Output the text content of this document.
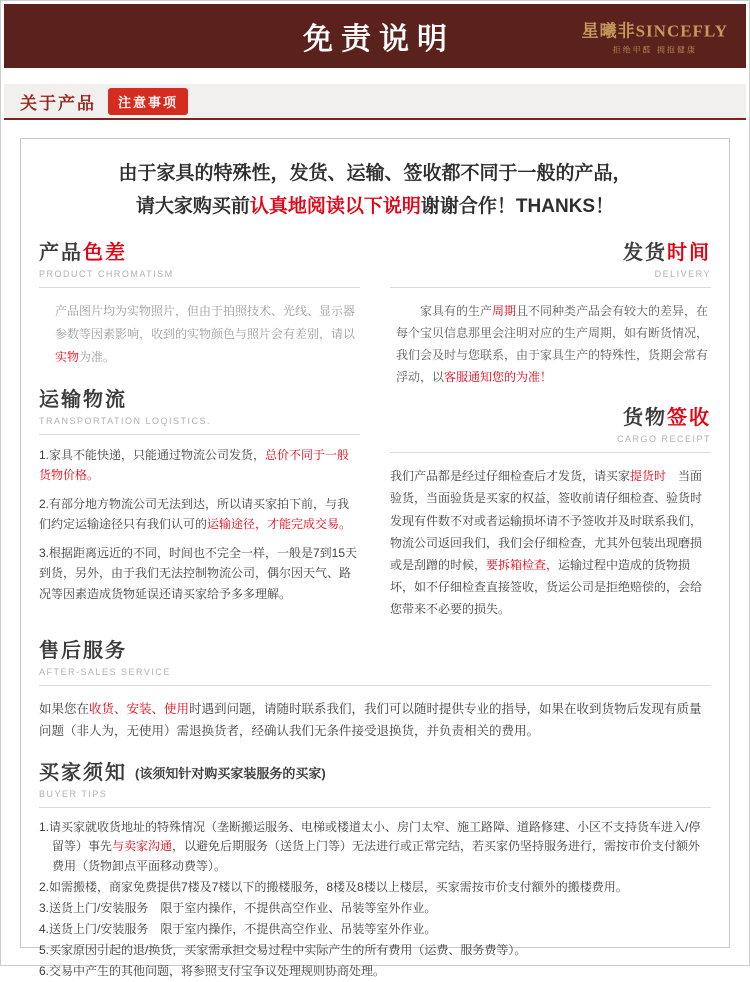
免责说明	星曦非SINCEFLY
拒绝甲醛 拥抱健康
关于产品	注意事项
由于家具的特殊性，发货、运输、签收都不同于一般的产品，
请大家购买前认真地阅读以下说明谢谢合作！THANKS！
产品色差
PRODUCT CHROMATISM

产品图片均为实物照片，但由于拍照技术、光线、显示器参数等因素影响，收到的实物颜色与照片会有差别，请以实物为准。

运输物流
TRANSPORTATION LOQISTICS.

1.家具不能快递，只能通过物流公司发货，总价不同于一般货物价格。

2.有部分地方物流公司无法到达，所以请买家拍下前，与我们约定运输途径只有我们认可的运输途径，才能完成交易。

3.根据距离远近的不同，时间也不完全一样，一般是7到15天到货，另外，由于我们无法控制物流公司，偶尔因天气、路况等因素造成货物延误还请买家给予多多理解。

发货时间
DELIVERY

家具有的生产周期且不同种类产品会有较大的差异，在每个宝贝信息那里会注明对应的生产周期，如有断货情况，我们会及时与您联系，由于家具生产的特殊性，货期会常有浮动，以客服通知您的为准！

货物签收
CARGO RECEIPT

我们产品都是经过仔细检查后才发货，请买家提货时　当面验货，当面验货是买家的权益，签收前请仔细检查、验货时发现有件数不对或者运输损坏请不予签收并及时联系我们，物流公司返回我们，我们会仔细检查，尤其外包装出现磨损或是刮蹭的时候，要拆箱检查，运输过程中造成的货物损坏，如不仔细检查直接签收，货运公司是拒绝赔偿的，会给您带来不必要的损失。

售后服务
AFTER-SALES SERVICE

如果您在收货、安装、使用时遇到问题，请随时联系我们，我们可以随时提供专业的指导，如果在收到货物后发现有质量问题（非人为，无使用）需退换货者，经确认我们无条件接受退换货，并负责相关的费用。

买家须知 (该须知针对购买家装服务的买家)
BUYER TIPS

1.请买家就收货地址的特殊情况（垄断搬运服务、电梯或楼道太小、房门太窄、施工路障、道路修建、小区不支持货车进入/停留等）事先与卖家沟通，以避免后期服务（送货上门等）无法进行或正常完结，若买家仍坚持服务进行，需按市价支付额外费用（货物卸点平面移动费等）。

2.如需搬楼，商家免费提供7楼及7楼以下的搬楼服务，8楼及8楼以上楼层，买家需按市价支付额外的搬楼费用。

3.送货上门/安装服务　限于室内操作，不提供高空作业、吊装等室外作业。

4.送货上门/安装服务　限于室内操作，不提供高空作业、吊装等室外作业。

5.买家原因引起的退/换货，买家需承担交易过程中实际产生的所有费用（运费、服务费等）。

6.交易中产生的其他问题，将参照支付宝争议处理规则协商处理。
